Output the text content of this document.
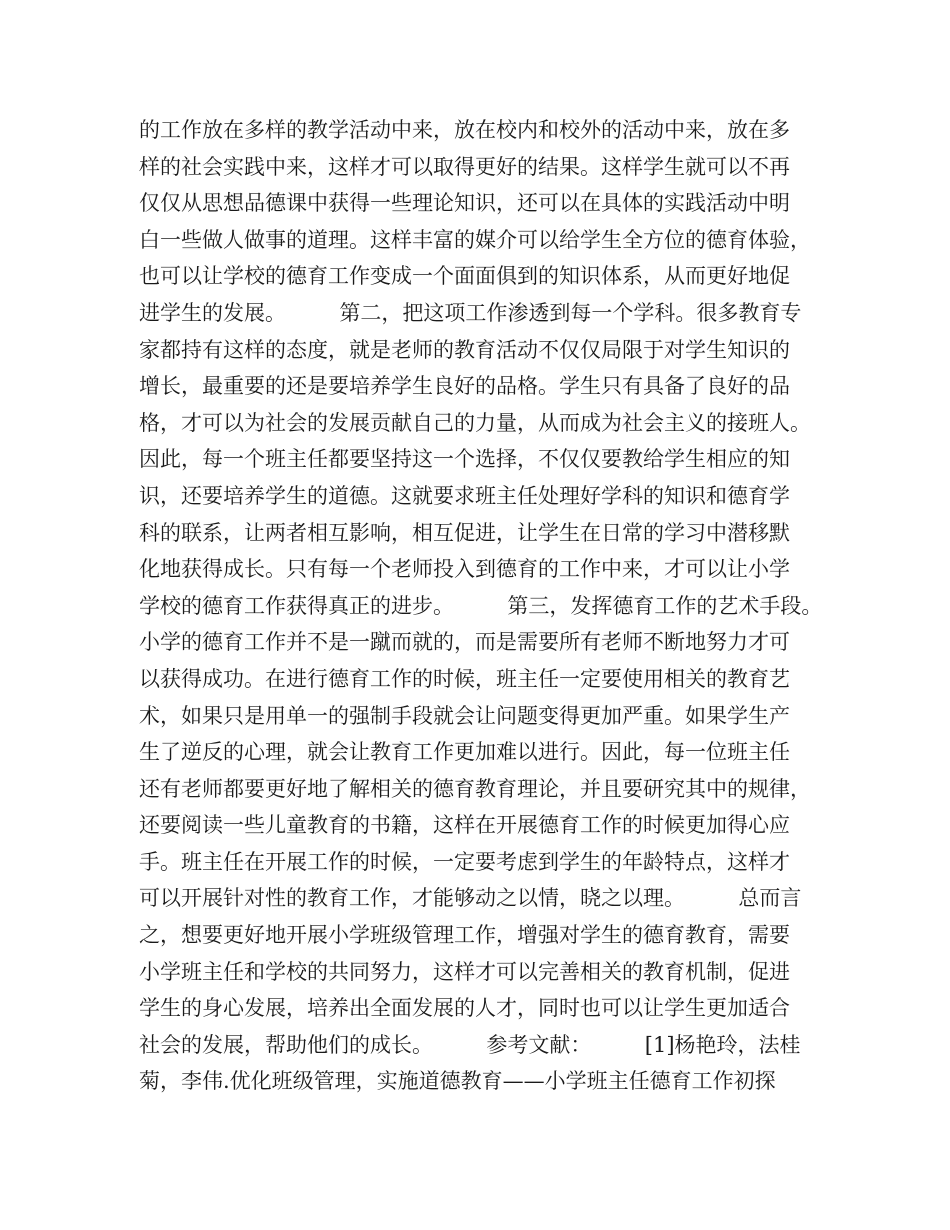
的工作放在多样的教学活动中来，放在校内和校外的活动中来，放在多
样的社会实践中来，这样才可以取得更好的结果。这样学生就可以不再
仅仅从思想品德课中获得一些理论知识，还可以在具体的实践活动中明
白一些做人做事的道理。这样丰富的媒介可以给学生全方位的德育体验，
也可以让学校的德育工作变成一个面面俱到的知识体系，从而更好地促
进学生的发展。        第二，把这项工作渗透到每一个学科。很多教育专
家都持有这样的态度，就是老师的教育活动不仅仅局限于对学生知识的
增长，最重要的还是要培养学生良好的品格。学生只有具备了良好的品
格，才可以为社会的发展贡献自己的力量，从而成为社会主义的接班人。
因此，每一个班主任都要坚持这一个选择，不仅仅要教给学生相应的知
识，还要培养学生的道德。这就要求班主任处理好学科的知识和德育学
科的联系，让两者相互影响，相互促进，让学生在日常的学习中潜移默
化地获得成长。只有每一个老师投入到德育的工作中来，才可以让小学
学校的德育工作获得真正的进步。        第三，发挥德育工作的艺术手段。
小学的德育工作并不是一蹴而就的，而是需要所有老师不断地努力才可
以获得成功。在进行德育工作的时候，班主任一定要使用相关的教育艺
术，如果只是用单一的强制手段就会让问题变得更加严重。如果学生产
生了逆反的心理，就会让教育工作更加难以进行。因此，每一位班主任
还有老师都要更好地了解相关的德育教育理论，并且要研究其中的规律，
还要阅读一些儿童教育的书籍，这样在开展德育工作的时候更加得心应
手。班主任在开展工作的时候，一定要考虑到学生的年龄特点，这样才
可以开展针对性的教育工作，才能够动之以情，晓之以理。        总而言
之，想要更好地开展小学班级管理工作，增强对学生的德育教育，需要
小学班主任和学校的共同努力，这样才可以完善相关的教育机制，促进
学生的身心发展，培养出全面发展的人才，同时也可以让学生更加适合
社会的发展，帮助他们的成长。        参考文献：        [1]杨艳玲，法桂
菊，李伟.优化班级管理，实施道德教育——小学班主任德育工作初探
